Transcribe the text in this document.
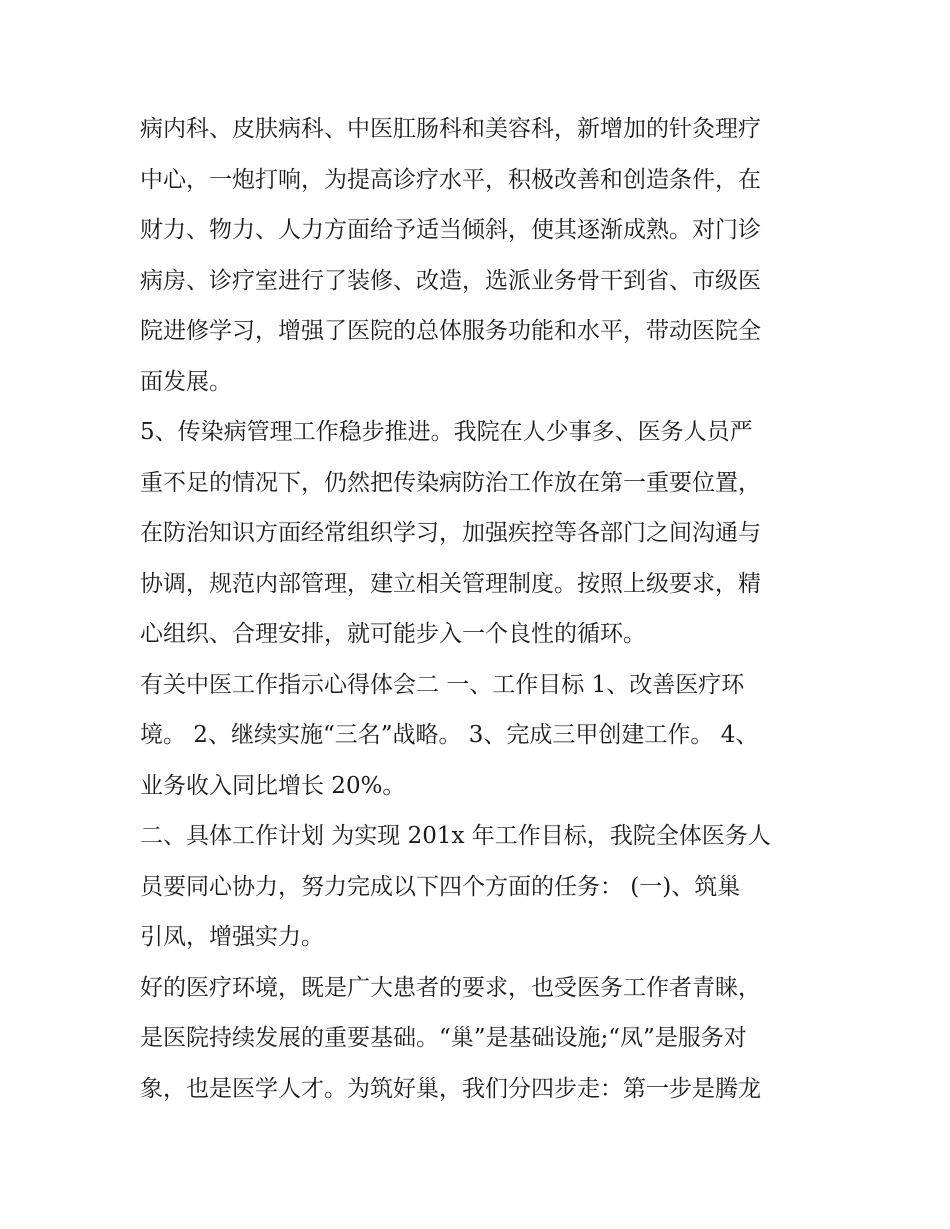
病内科、皮肤病科、中医肛肠科和美容科，新增加的针灸理疗
中心，一炮打响，为提高诊疗水平，积极改善和创造条件，在
财力、物力、人力方面给予适当倾斜，使其逐渐成熟。对门诊
病房、诊疗室进行了装修、改造，选派业务骨干到省、市级医
院进修学习，增强了医院的总体服务功能和水平，带动医院全
面发展。

5、传染病管理工作稳步推进。我院在人少事多、医务人员严
重不足的情况下，仍然把传染病防治工作放在第一重要位置，
在防治知识方面经常组织学习，加强疾控等各部门之间沟通与
协调，规范内部管理，建立相关管理制度。按照上级要求，精
心组织、合理安排，就可能步入一个良性的循环。

有关中医工作指示心得体会二 一、工作目标 1、改善医疗环
境。 2、继续实施“三名”战略。 3、完成三甲创建工作。 4、
业务收入同比增长 20%。

二、具体工作计划 为实现 201x 年工作目标，我院全体医务人
员要同心协力，努力完成以下四个方面的任务： (一)、筑巢
引凤，增强实力。

好的医疗环境，既是广大患者的要求，也受医务工作者青睐，
是医院持续发展的重要基础。“巢”是基础设施;“凤”是服务对
象，也是医学人才。为筑好巢，我们分四步走：第一步是腾龙
